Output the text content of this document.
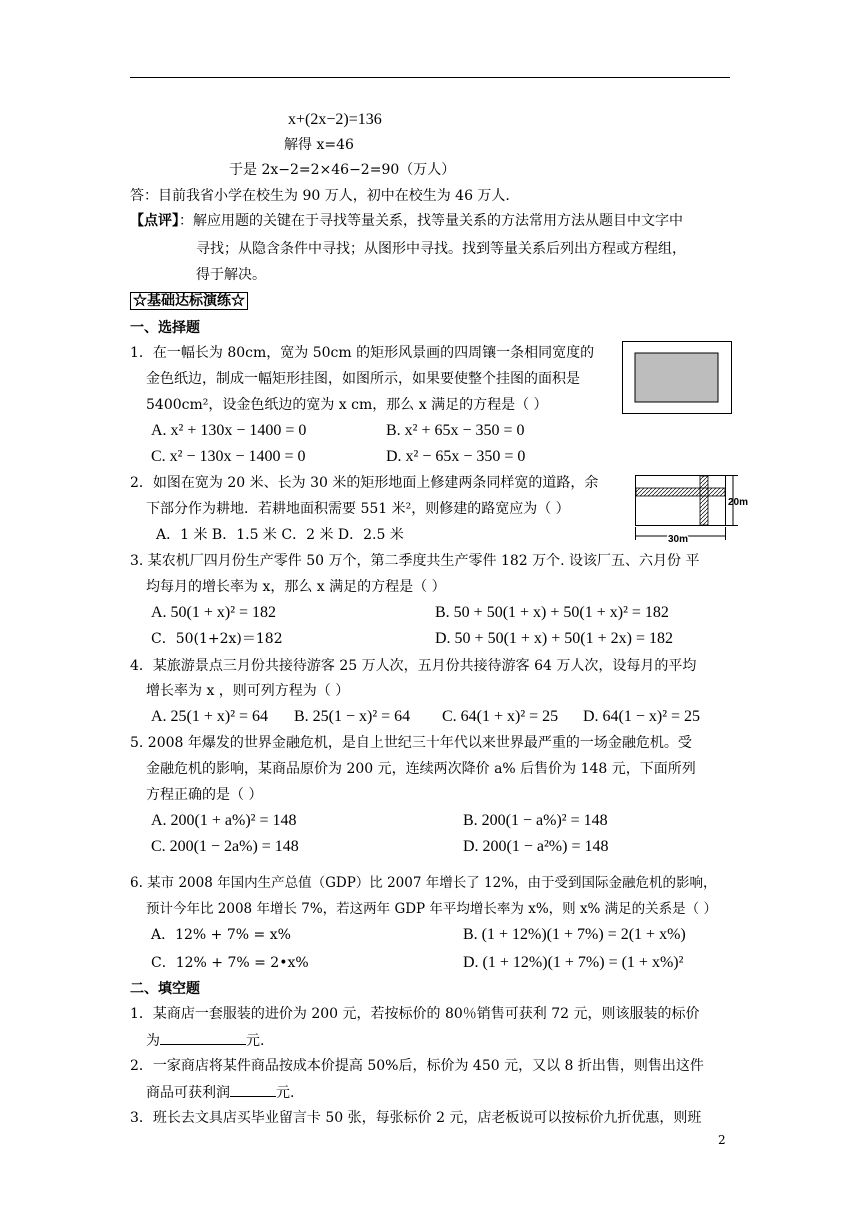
x+(2x−2)=136
解得 x=46
于是 2x−2=2×46−2=90（万人）
答：目前我省小学在校生为 90 万人，初中在校生为 46 万人.
【点评】：解应用题的关键在于寻找等量关系，找等量关系的方法常用方法从题目中文字中
寻找；从隐含条件中寻找；从图形中寻找。找到等量关系后列出方程或方程组，
得于解决。
☆基础达标演练☆
一、选择题
1．在一幅长为 80cm，宽为 50cm 的矩形风景画的四周镶一条相同宽度的
金色纸边，制成一幅矩形挂图，如图所示，如果要使整个挂图的面积是
5400cm²，设金色纸边的宽为 x cm，那么 x 满足的方程是（ ）
A. x² + 130x − 1400 = 0	B. x² + 65x − 350 = 0
C. x² − 130x − 1400 = 0	D. x² − 65x − 350 = 0
2．如图在宽为 20 米、长为 30 米的矩形地面上修建两条同样宽的道路，余
下部分作为耕地．若耕地面积需要 551 米²，则修建的路宽应为（ ）
A．1 米 B．1.5 米 C．2 米 D．2.5 米
20m
30m
3. 某农机厂四月份生产零件 50 万个，第二季度共生产零件 182 万个. 设该厂五、六月份 平
均每月的增长率为 x，那么 x 满足的方程是（ ）
A. 50(1 + x)² = 182	B. 50 + 50(1 + x) + 50(1 + x)² = 182
C．50(1+2x)＝182	D. 50 + 50(1 + x) + 50(1 + 2x) = 182
4．某旅游景点三月份共接待游客 25 万人次，五月份共接待游客 64 万人次，设每月的平均
增长率为 x ，则可列方程为（ ）
A. 25(1 + x)² = 64 B. 25(1 − x)² = 64 C. 64(1 + x)² = 25 D. 64(1 − x)² = 25
5. 2008 年爆发的世界金融危机，是自上世纪三十年代以来世界最严重的一场金融危机。受
金融危机的影响，某商品原价为 200 元，连续两次降价 a% 后售价为 148 元，下面所列
方程正确的是（ ）
A. 200(1 + a%)² = 148	B. 200(1 − a%)² = 148
C. 200(1 − 2a%) = 148	D. 200(1 − a²%) = 148
6. 某市 2008 年国内生产总值（GDP）比 2007 年增长了 12%，由于受到国际金融危机的影响，
预计今年比 2008 年增长 7%，若这两年 GDP 年平均增长率为 x%，则 x% 满足的关系是（ ）
A．12% + 7% = x%	B. (1 + 12%)(1 + 7%) = 2(1 + x%)
C．12% + 7% = 2•x%	D. (1 + 12%)(1 + 7%) = (1 + x%)²
二、填空题
1．某商店一套服装的进价为 200 元，若按标价的 80％销售可获利 72 元，则该服装的标价
为	元.
2．一家商店将某件商品按成本价提高 50%后，标价为 450 元，又以 8 折出售，则售出这件
商品可获利润	元.
3．班长去文具店买毕业留言卡 50 张，每张标价 2 元，店老板说可以按标价九折优惠，则班
2
